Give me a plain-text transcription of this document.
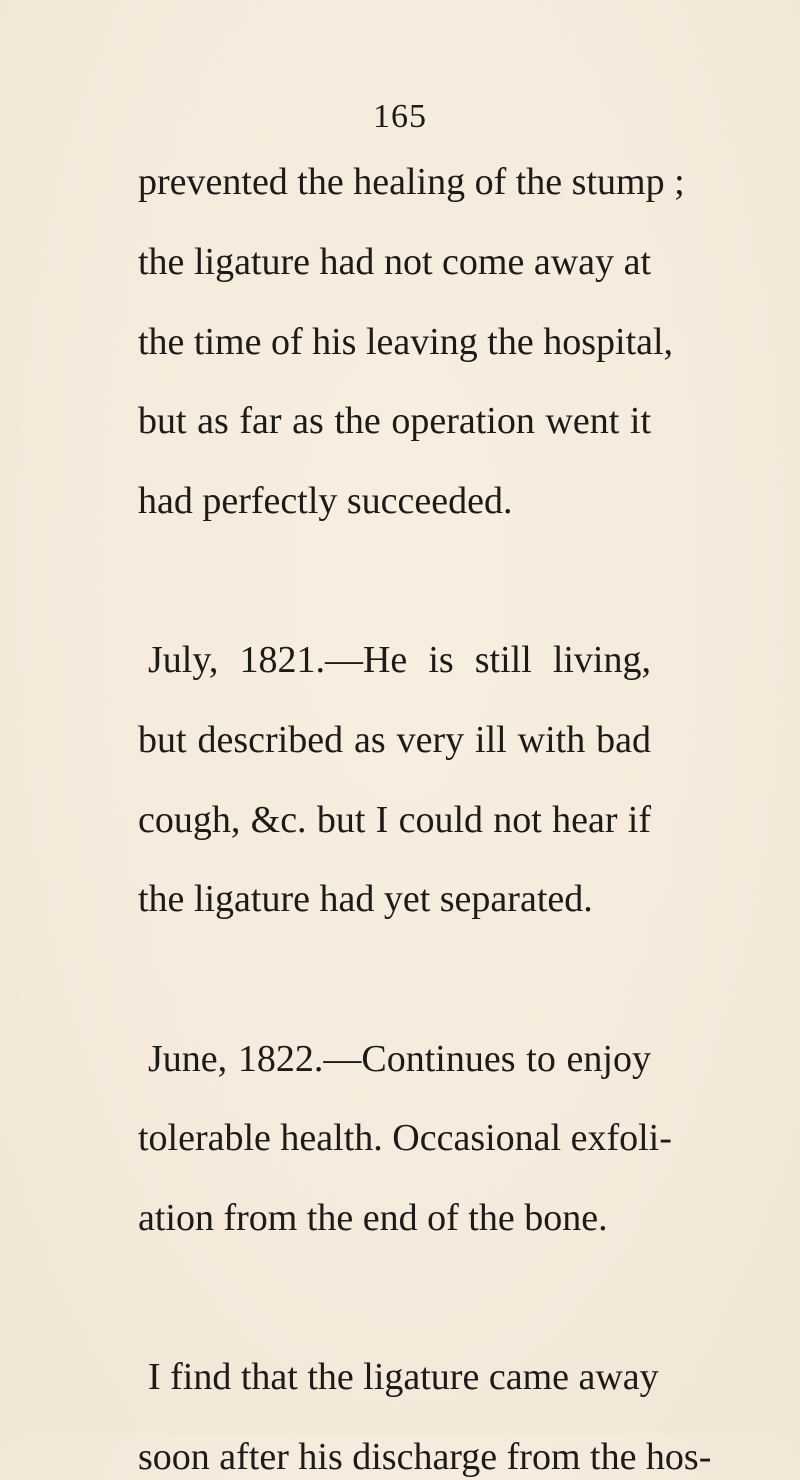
165
prevented the healing of the stump ;
the ligature had not come away at
the time of his leaving the hospital,
but as far as the operation went it
had perfectly succeeded.
July, 1821.—He is still living,
but described as very ill with bad
cough, &c. but I could not hear if
the ligature had yet separated.
June, 1822.—Continues to enjoy
tolerable health. Occasional exfoli-
ation from the end of the bone.
I find that the ligature came away
soon after his discharge from the hos-
